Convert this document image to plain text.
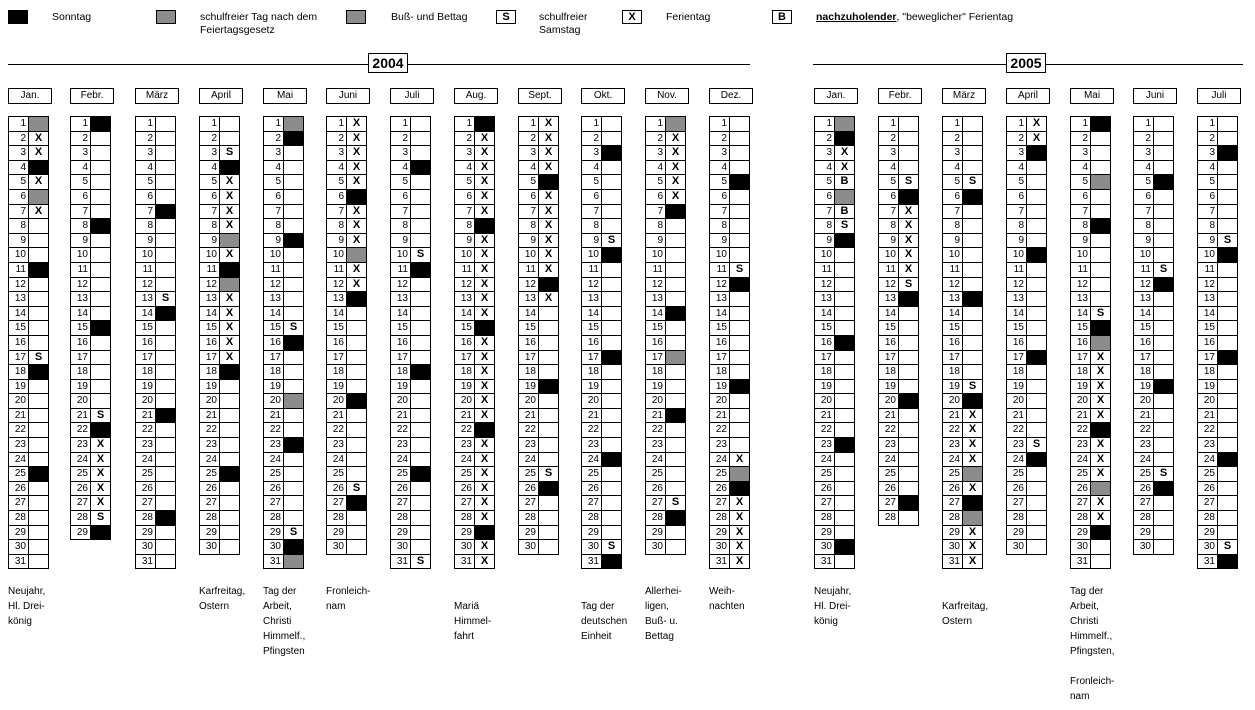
Sonntag	schulfreier Tag nach dem Feiertagsgesetz
Buß- und Bettag	S	schulfreier Samstag
X	Ferientag	B	nachzuholender, "beweglicher" Ferientag
2004	2005
Jan.
1
2 X
3 X
4
5 X
6
7 X
8
9
10
11
12
13
14
15
16
17 S
18
19
20
21
22
23
24
25
26
27
28
29
30
31
Neujahr,
Hl. Drei-
könig
Febr.
1
2
3
4
5
6
7
8
9
10
11
12
13
14
15
16
17
18
19
20
21 S
22
23 X
24 X
25 X
26 X
27 X
28 S
29
März
1
2
3
4
5
6
7
8
9
10
11
12
13 S
14
15
16
17
18
19
20
21
22
23
24
25
26
27
28
29
30
31
April
1
2
3 S
4
5 X
6 X
7 X
8 X
9
10 X
11
12
13 X
14 X
15 X
16 X
17 X
18
19
20
21
22
23
24
25
26
27
28
29
30
Karfreitag,
Ostern
Mai
1
2
3
4
5
6
7
8
9
10
11
12
13
14
15 S
16
17
18
19
20
21
22
23
24
25
26
27
28
29 S
30
31
Tag der
Arbeit,
Christi
Himmelf.,
Pfingsten
Juni
1 X
2 X
3 X
4 X
5 X
6
7 X
8 X
9 X
10
11 X
12 X
13
14
15
16
17
18
19
20
21
22
23
24
25
26 S
27
28
29
30
Fronleich-
nam
Juli
1
2
3
4
5
6
7
8
9
10 S
11
12
13
14
15
16
17
18
19
20
21
22
23
24
25
26
27
28
29
30
31 S
Aug.
1
2 X
3 X
4 X
5 X
6 X
7 X
8
9 X
10 X
11 X
12 X
13 X
14 X
15
16 X
17 X
18 X
19 X
20 X
21 X
22
23 X
24 X
25 X
26 X
27 X
28 X
29
30 X
31 X

Mariä
Himmel-
fahrt
Sept.
1 X
2 X
3 X
4 X
5
6 X
7 X
8 X
9 X
10 X
11 X
12
13 X
14
15
16
17
18
19
20
21
22
23
24
25 S
26
27
28
29
30
Okt.
1
2
3
4
5
6
7
8
9 S
10
11
12
13
14
15
16
17
18
19
20
21
22
23
24
25
26
27
28
29
30 S
31

Tag der
deutschen
Einheit
Nov.
1
2 X
3 X
4 X
5 X
6 X
7
8
9
10
11
12
13
14
15
16
17
18
19
20
21
22
23
24
25
26
27 S
28
29
30
Allerhei-
ligen,
Buß- u.
Bettag
Dez.
1
2
3
4
5
6
7
8
9
10
11 S
12
13
14
15
16
17
18
19
20
21
22
23
24 X
25
26
27 X
28 X
29 X
30 X
31 X
Weih-
nachten
Jan.
1
2
3 X
4 X
5 B
6
7 B
8 S
9
10
11
12
13
14
15
16
17
18
19
20
21
22
23
24
25
26
27
28
29
30
31
Neujahr,
Hl. Drei-
könig
Febr.
1
2
3
4
5 S
6
7 X
8 X
9 X
10 X
11 X
12 S
13
14
15
16
17
18
19
20
21
22
23
24
25
26
27
28
März
1
2
3
4
5 S
6
7
8
9
10
11
12
13
14
15
16
17
18
19 S
20
21 X
22 X
23 X
24 X
25
26 X
27
28
29 X
30 X
31 X

Karfreitag,
Ostern
April
1 X
2 X
3
4
5
6
7
8
9
10
11
12
13
14
15
16
17
18
19
20
21
22
23 S
24
25
26
27
28
29
30
Mai
1
2
3
4
5
6
7
8
9
10
11
12
13
14 S
15
16
17 X
18 X
19 X
20 X
21 X
22
23 X
24 X
25 X
26
27 X
28 X
29
30
31
Tag der
Arbeit,
Christi
Himmelf.,
Pfingsten,

Fronleich-
nam
Juni
1
2
3
4
5
6
7
8
9
10
11 S
12
13
14
15
16
17
18
19
20
21
22
23
24
25 S
26
27
28
29
30
Juli
1
2
3
4
5
6
7
8
9 S
10
11
12
13
14
15
16
17
18
19
20
21
22
23
24
25
26
27
28
29
30 S
31
